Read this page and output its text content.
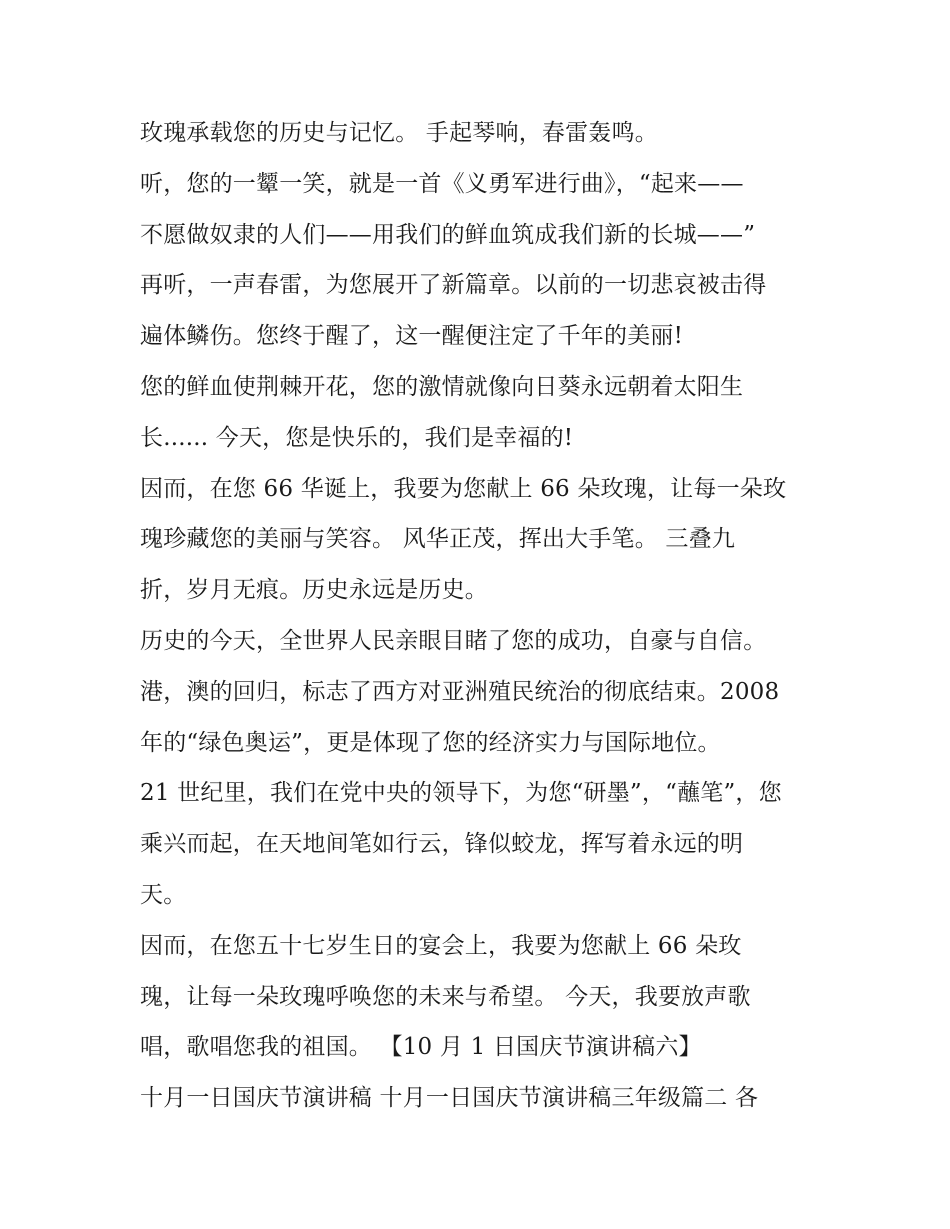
玫瑰承载您的历史与记忆。 手起琴响，春雷轰鸣。
听，您的一颦一笑，就是一首《义勇军进行曲》，“起来——
不愿做奴隶的人们——用我们的鲜血筑成我们新的长城——”
再听，一声春雷，为您展开了新篇章。以前的一切悲哀被击得
遍体鳞伤。您终于醒了，这一醒便注定了千年的美丽!
您的鲜血使荆棘开花，您的激情就像向日葵永远朝着太阳生
长...... 今天，您是快乐的，我们是幸福的!
因而，在您 66 华诞上，我要为您献上 66 朵玫瑰，让每一朵玫
瑰珍藏您的美丽与笑容。 风华正茂，挥出大手笔。 三叠九
折，岁月无痕。历史永远是历史。
历史的今天，全世界人民亲眼目睹了您的成功，自豪与自信。
港，澳的回归，标志了西方对亚洲殖民统治的彻底结束。2008
年的“绿色奥运”，更是体现了您的经济实力与国际地位。
21 世纪里，我们在党中央的领导下，为您“研墨”，“蘸笔”，您
乘兴而起，在天地间笔如行云，锋似蛟龙，挥写着永远的明
天。
因而，在您五十七岁生日的宴会上，我要为您献上 66 朵玫
瑰，让每一朵玫瑰呼唤您的未来与希望。 今天，我要放声歌
唱，歌唱您我的祖国。 【10 月 1 日国庆节演讲稿六】
十月一日国庆节演讲稿 十月一日国庆节演讲稿三年级篇二 各
